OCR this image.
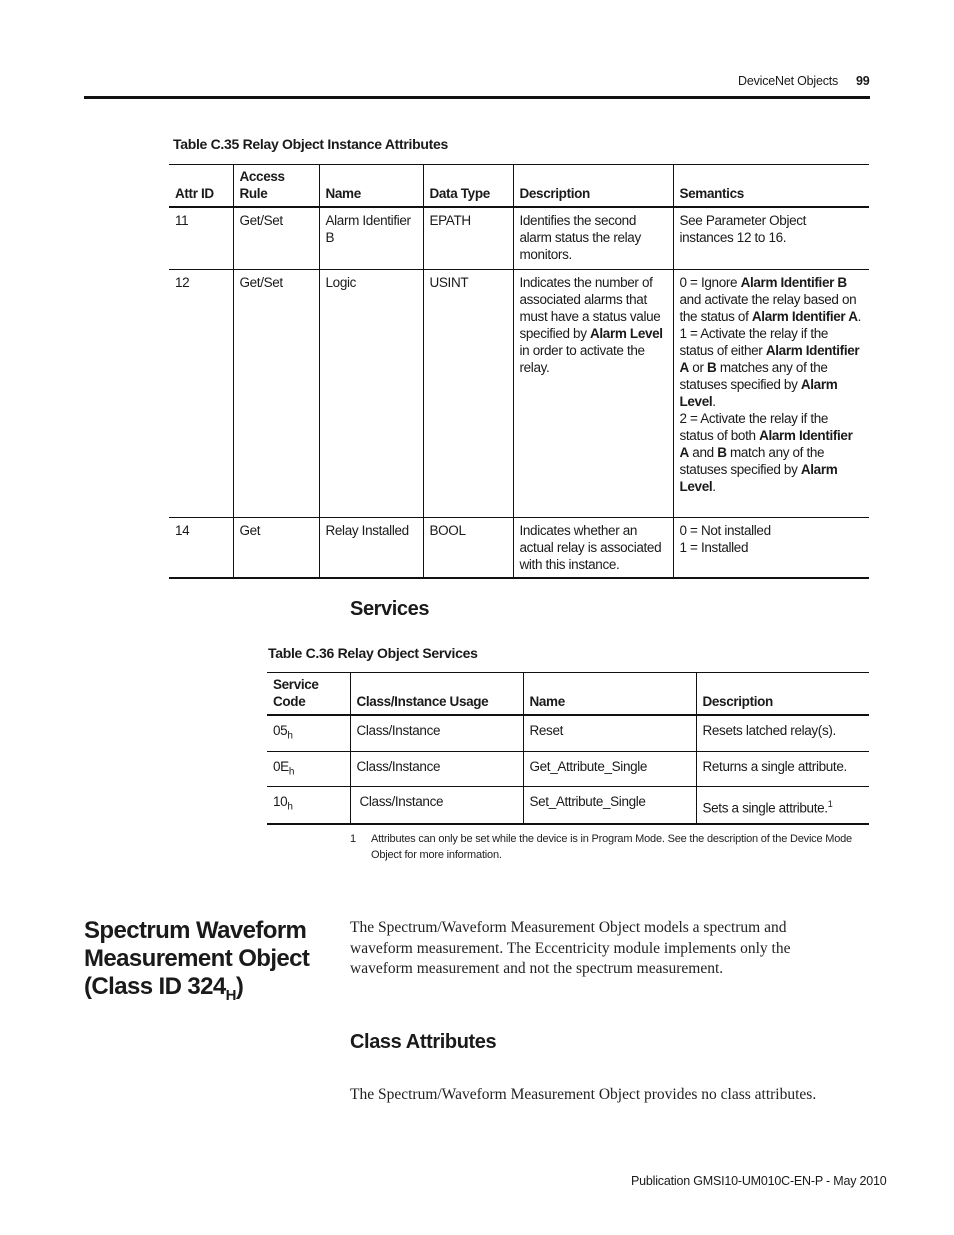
DeviceNet Objects 99
Table C.35 Relay Object Instance Attributes
Attr ID	Access Rule	Name	Data Type	Description	Semantics
11	Get/Set	Alarm Identifier B	EPATH	Identifies the second alarm status the relay monitors.	See Parameter Object instances 12 to 16.
12	Get/Set	Logic	USINT	Indicates the number of associated alarms that must have a status value specified by Alarm Level in order to activate the relay.	0 = Ignore Alarm Identifier B and activate the relay based on the status of Alarm Identifier A.
1 = Activate the relay if the status of either Alarm Identifier A or B matches any of the statuses specified by Alarm Level.
2 = Activate the relay if the status of both Alarm Identifier A and B match any of the statuses specified by Alarm Level.

14	Get	Relay Installed	BOOL	Indicates whether an actual relay is associated with this instance.	0 = Not installed
1 = Installed
Services
Table C.36 Relay Object Services
Service Code	Class/Instance Usage	Name	Description
$05_h$	Class/Instance	Reset	Resets latched relay(s).
$0E_h$	Class/Instance	Get_Attribute_Single	Returns a single attribute.
$10_h$	Class/Instance	Set_Attribute_Single	Sets a single attribute.$^1$
1 Attributes can only be set while the device is in Program Mode. See the description of the Device Mode Object for more information.
Spectrum Waveform
Measurement Object
(Class ID $324_H$)
The Spectrum/Waveform Measurement Object models a spectrum and waveform measurement. The Eccentricity module implements only the waveform measurement and not the spectrum measurement.
Class Attributes
The Spectrum/Waveform Measurement Object provides no class attributes.
Publication GMSI10-UM010C-EN-P - May 2010
